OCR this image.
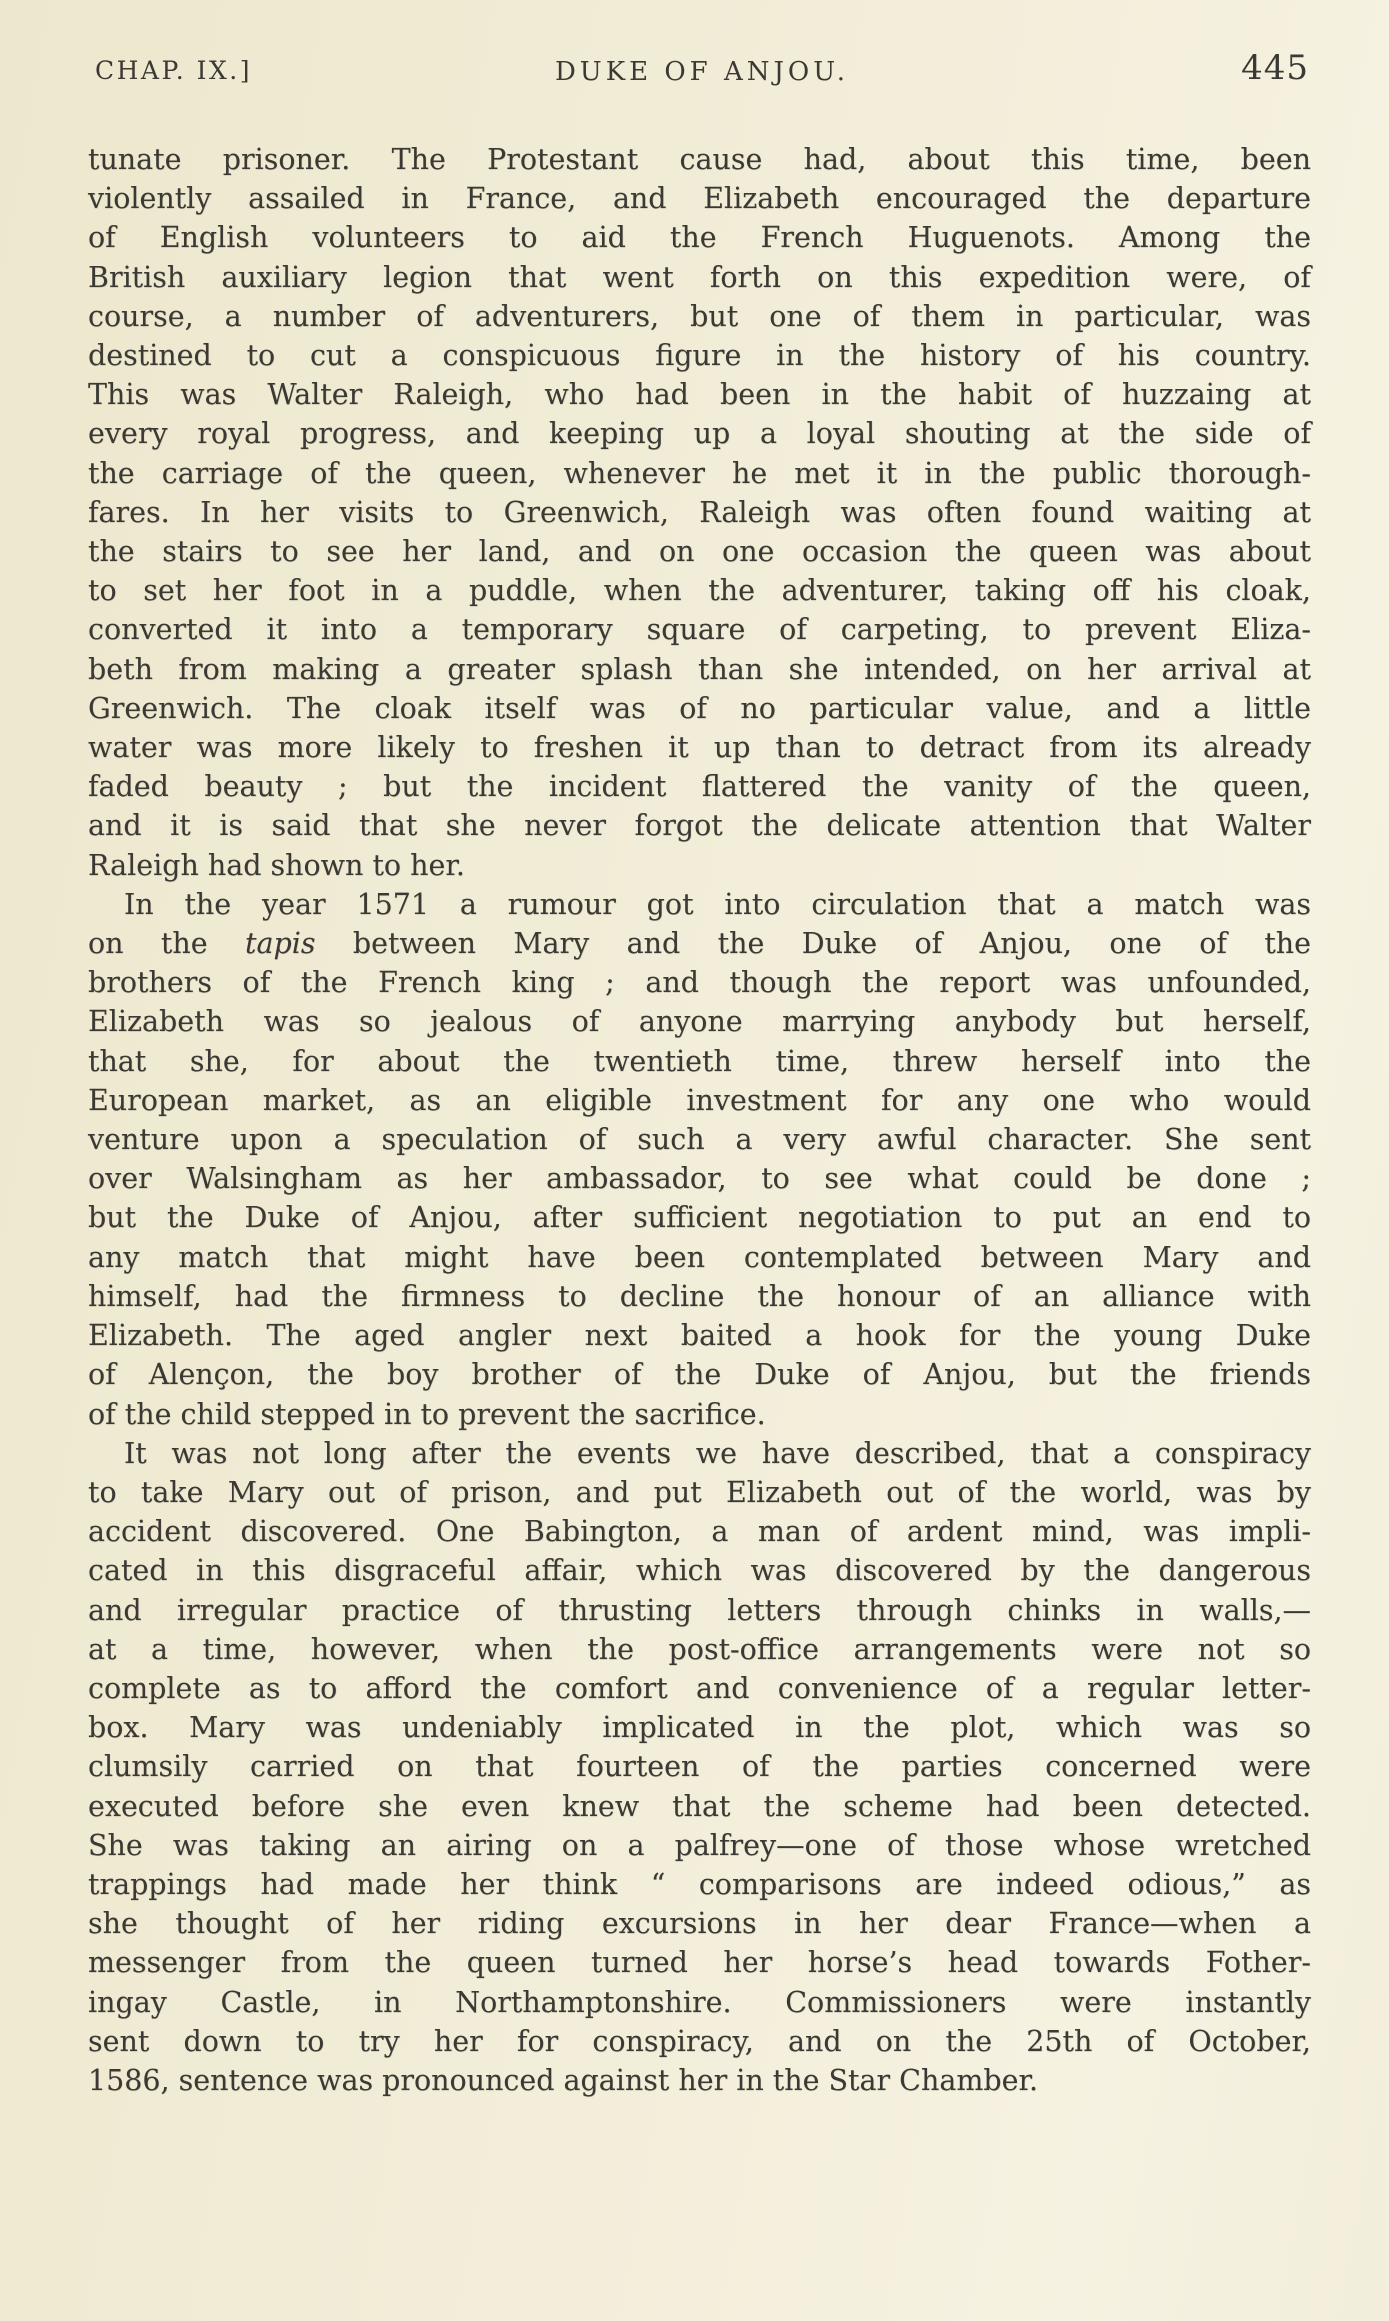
CHAP. IX.]	DUKE OF ANJOU.	445
tunate prisoner. The Protestant cause had, about this time, been
violently assailed in France, and Elizabeth encouraged the departure
of English volunteers to aid the French Huguenots. Among the
British auxiliary legion that went forth on this expedition were, of
course, a number of adventurers, but one of them in particular, was
destined to cut a conspicuous figure in the history of his country.
This was Walter Raleigh, who had been in the habit of huzzaing at
every royal progress, and keeping up a loyal shouting at the side of
the carriage of the queen, whenever he met it in the public thorough-
fares. In her visits to Greenwich, Raleigh was often found waiting at
the stairs to see her land, and on one occasion the queen was about
to set her foot in a puddle, when the adventurer, taking off his cloak,
converted it into a temporary square of carpeting, to prevent Eliza-
beth from making a greater splash than she intended, on her arrival at
Greenwich. The cloak itself was of no particular value, and a little
water was more likely to freshen it up than to detract from its already
faded beauty ; but the incident flattered the vanity of the queen,
and it is said that she never forgot the delicate attention that Walter
Raleigh had shown to her.
In the year 1571 a rumour got into circulation that a match was
on the tapis between Mary and the Duke of Anjou, one of the
brothers of the French king ; and though the report was unfounded,
Elizabeth was so jealous of anyone marrying anybody but herself,
that she, for about the twentieth time, threw herself into the
European market, as an eligible investment for any one who would
venture upon a speculation of such a very awful character. She sent
over Walsingham as her ambassador, to see what could be done ;
but the Duke of Anjou, after sufficient negotiation to put an end to
any match that might have been contemplated between Mary and
himself, had the firmness to decline the honour of an alliance with
Elizabeth. The aged angler next baited a hook for the young Duke
of Alençon, the boy brother of the Duke of Anjou, but the friends
of the child stepped in to prevent the sacrifice.
It was not long after the events we have described, that a conspiracy
to take Mary out of prison, and put Elizabeth out of the world, was by
accident discovered. One Babington, a man of ardent mind, was impli-
cated in this disgraceful affair, which was discovered by the dangerous
and irregular practice of thrusting letters through chinks in walls,—
at a time, however, when the post-office arrangements were not so
complete as to afford the comfort and convenience of a regular letter-
box. Mary was undeniably implicated in the plot, which was so
clumsily carried on that fourteen of the parties concerned were
executed before she even knew that the scheme had been detected.
She was taking an airing on a palfrey—one of those whose wretched
trappings had made her think “ comparisons are indeed odious,” as
she thought of her riding excursions in her dear France—when a
messenger from the queen turned her horse’s head towards Fother-
ingay Castle, in Northamptonshire. Commissioners were instantly
sent down to try her for conspiracy, and on the 25th of October,
1586, sentence was pronounced against her in the Star Chamber.
